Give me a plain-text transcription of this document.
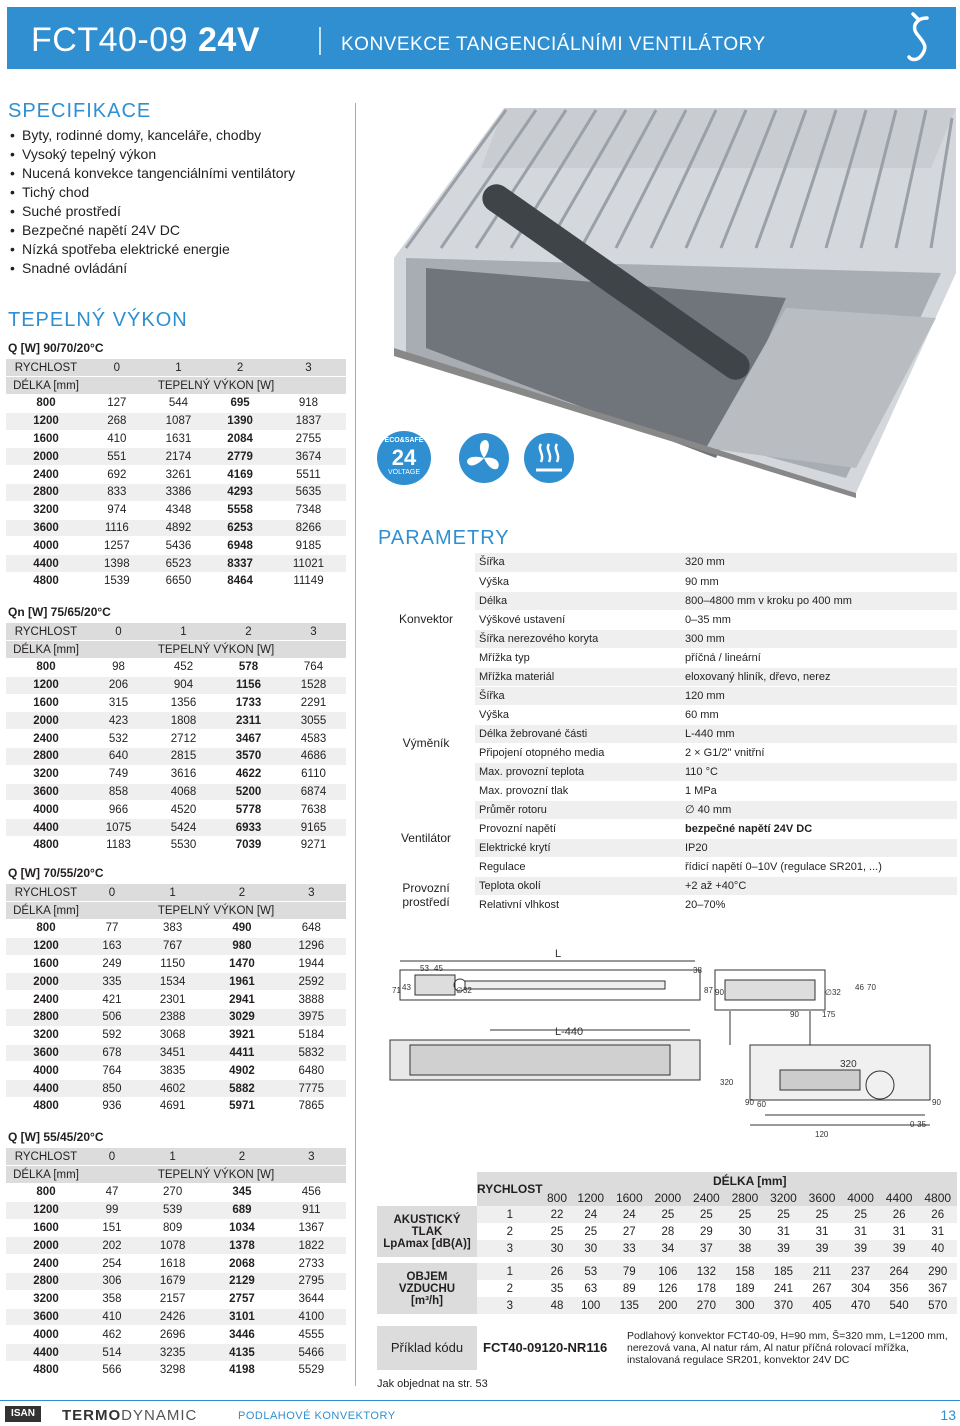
FCT40-09 24V	KONVEKCE TANGENCIÁLNÍMI VENTILÁTORY
SPECIFIKACE
• Byty, rodinné domy, kanceláře, chodby
• Vysoký tepelný výkon
• Nucená konvekce tangenciálními ventilátory
• Tichý chod
• Suché prostředí
• Bezpečné napětí 24V DC
• Nízká spotřeba elektrické energie
• Snadné ovládání
TEPELNÝ VÝKON
Q [W] 90/70/20°C
RYCHLOST	0	1	2	3
DÉLKA [mm]	TEPELNÝ VÝKON [W]			
800	127	544	695	918
1200	268	1087	1390	1837
1600	410	1631	2084	2755
2000	551	2174	2779	3674
2400	692	3261	4169	5511
2800	833	3386	4293	5635
3200	974	4348	5558	7348
3600	1116	4892	6253	8266
4000	1257	5436	6948	9185
4400	1398	6523	8337	11021
4800	1539	6650	8464	11149
Qn [W] 75/65/20°C
RYCHLOST	0	1	2	3
DÉLKA [mm]	TEPELNÝ VÝKON [W]			
800	98	452	578	764
1200	206	904	1156	1528
1600	315	1356	1733	2291
2000	423	1808	2311	3055
2400	532	2712	3467	4583
2800	640	2815	3570	4686
3200	749	3616	4622	6110
3600	858	4068	5200	6874
4000	966	4520	5778	7638
4400	1075	5424	6933	9165
4800	1183	5530	7039	9271
Q [W] 70/55/20°C
RYCHLOST	0	1	2	3
DÉLKA [mm]	TEPELNÝ VÝKON [W]			
800	77	383	490	648
1200	163	767	980	1296
1600	249	1150	1470	1944
2000	335	1534	1961	2592
2400	421	2301	2941	3888
2800	506	2388	3029	3975
3200	592	3068	3921	5184
3600	678	3451	4411	5832
4000	764	3835	4902	6480
4400	850	4602	5882	7775
4800	936	4691	5971	7865
Q [W] 55/45/20°C
RYCHLOST	0	1	2	3
DÉLKA [mm]	TEPELNÝ VÝKON [W]			
800	47	270	345	456
1200	99	539	689	911
1600	151	809	1034	1367
2000	202	1078	1378	1822
2400	254	1618	2068	2733
2800	306	1679	2129	2795
3200	358	2157	2757	3644
3600	410	2426	3101	4100
4000	462	2696	3446	4555
4400	514	3235	4135	5466
4800	566	3298	4198	5529
ECO&SAFE
24
VOLTAGE
PARAMETRY
Konvektor	Šířka	320 mm
	Výška	90 mm
	Délka	800–4800 mm v kroku po 400 mm
	Výškové ustavení	0–35 mm
	Šířka nerezového koryta	300 mm
	Mřížka typ	příčná / lineární
	Mřížka materiál	eloxovaný hliník, dřevo, nerez
Výměník	Šířka	120 mm
	Výška	60 mm
	Délka žebrované části	L-440 mm
	Připojení otopného media	2 × G1/2" vnitřní
	Max. provozní teplota	110 °C
	Max. provozní tlak	1 MPa
Ventilátor	Průměr rotoru	∅ 40 mm
	Provozní napětí	bezpečné napětí 24V DC
	Elektrické krytí	IP20
	Regulace	řídicí napětí 0–10V (regulace SR201, ...)
Provozní prostředí	Teplota okolí	+2 až +40°C
	Relativní vlhkost	20–70%
L
53 45	38
71 43	∅32	87 90	∅32
46 70
90	175
L-440
320
320
90 60
120
0-35
90
	RYCHLOST	DÉLKA [mm]										
		800	1200	1600	2000	2400	2800	3200	3600	4000	4400	4800

AKUSTICKÝ TLAK
LpAmax [dB(A)]	1	22	24	24	25	25	25	25	25	25	26	26
	2	25	25	27	28	29	30	31	31	31	31	31
	3	30	30	33	34	37	38	39	39	39	39	40

OBJEM VZDUCHU
[m³/h]	1	26	53	79	106	132	158	185	211	237	264	290
	2	35	63	89	126	178	189	241	267	304	356	367
	3	48	100	135	200	270	300	370	405	470	540	570
Příklad kódu	FCT40-09120-NR116
Podlahový konvektor FCT40-09, H=90 mm, Š=320 mm, L=1200 mm, nerezová vana, Al natur rám, Al natur příčná rolovací mřížka, instalovaná regulace SR201, konvektor 24V DC
Jak objednat na str. 53
ISAN	TERMODYNAMIC	PODLAHOVÉ KONVEKTORY	13
